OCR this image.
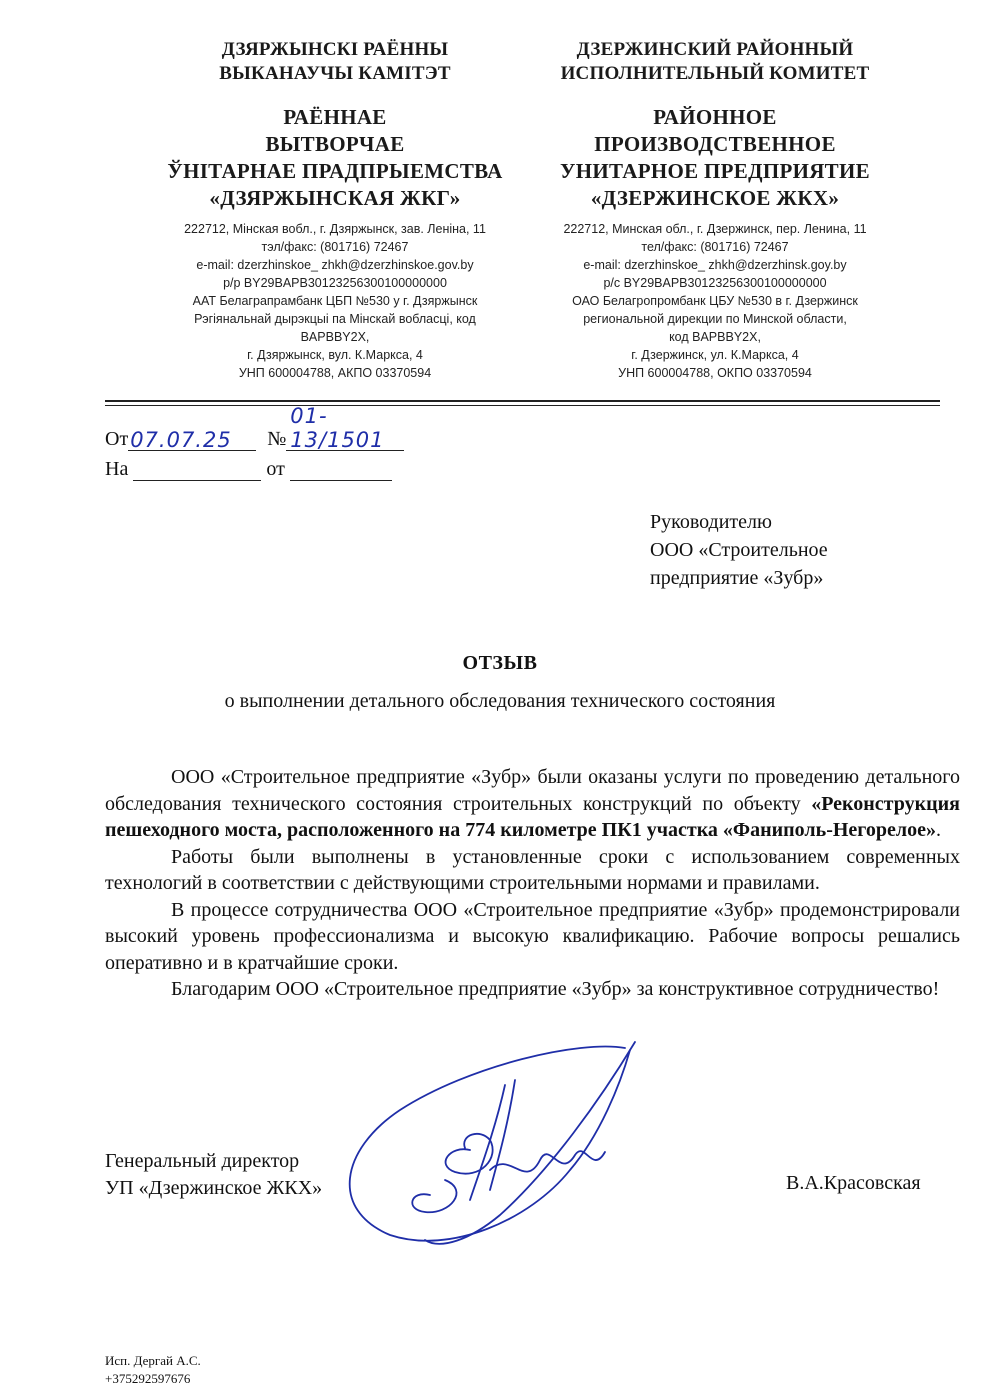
ДЗЯРЖЫНСКІ РАЁННЫ
ВЫКАНАУЧЫ КАМІТЭТ
РАЁННАЕ
ВЫТВОРЧАЕ
ЎНІТАРНАЕ ПРАДПРЫЕМСТВА
«ДЗЯРЖЫНСКАЯ ЖКГ»
222712, Мінская вобл., г. Дзяржынск, зав. Леніна, 11
тэл/факс: (801716) 72467
e-mail: dzerzhinskoe_ zhkh@dzerzhinskoe.gov.by
р/р BY29BAPB30123256300100000000
ААТ Белаграпрамбанк ЦБП №530 у г. Дзяржынск
Рэгіянальнай дырэкцыі па Мінскай вобласці, код
BAPBBY2X,
г. Дзяржынск, вул. К.Маркса, 4
УНП 600004788, АКПО 03370594
ДЗЕРЖИНСКИЙ РАЙОННЫЙ
ИСПОЛНИТЕЛЬНЫЙ КОМИТЕТ
РАЙОННОЕ
ПРОИЗВОДСТВЕННОЕ
УНИТАРНОЕ ПРЕДПРИЯТИЕ
«ДЗЕРЖИНСКОЕ ЖКХ»
222712, Минская обл., г. Дзержинск, пер. Ленина, 11
тел/факс: (801716) 72467
e-mail: dzerzhinskoe_ zhkh@dzerzhinsk.goy.by
р/с BY29BAPB30123256300100000000
ОАО Белагропромбанк ЦБУ №530 в г. Дзержинск
региональной дирекции по Минской области,
код BAPBBY2X,
г. Дзержинск, ул. К.Маркса, 4
УНП 600004788, ОКПО 03370594
От 07.07.25 №
01-13/1501
На	от
Руководителю
ООО «Строительное
предприятие «Зубр»
ОТЗЫВ
о выполнении детального обследования технического состояния

ООО «Строительное предприятие «Зубр» были оказаны услуги по проведению детального обследования технического состояния строительных конструкций по объекту «Реконструкция пешеходного моста, расположенного на 774 километре ПК1 участка «Фаниполь-Негорелое».

Работы были выполнены в установленные сроки с использованием современных технологий в соответствии с действующими строительными нормами и правилами.

В процессе сотрудничества ООО «Строительное предприятие «Зубр» продемонстрировали высокий уровень профессионализма и высокую квалификацию. Рабочие вопросы решались оперативно и в кратчайшие сроки.

Благодарим ООО «Строительное предприятие «Зубр» за конструктивное сотрудничество!

Генеральный директор
УП «Дзержинское ЖКХ»	В.А.Красовская
Исп. Дергай А.С.
+375292597676
